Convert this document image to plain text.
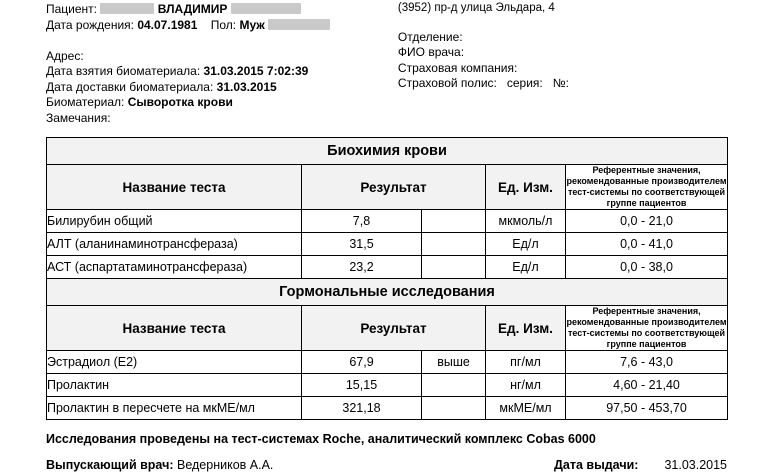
Пациент:	ВЛАДИМИР
Дата рождения: 04.07.1981 Пол: Муж
Адрес:
Дата взятия биоматериала: 31.03.2015 7:02:39
Дата доставки биоматериала: 31.03.2015
Биоматериал: Сыворотка крови
Замечания:
(3952) пр-д улица Эльдара, 4
Отделение:
ФИО врача:
Страховая компания:
Страховой полис: серия: №:
Биохимия крови				
Название теста	Результат		Ед. Изм.	Референтные значения, рекомендованные производителем тест-системы по соответствующей группе пациентов
Билирубин общий	7,8		мкмоль/л	0,0 - 21,0
АЛТ (аланинаминотрансфераза)	31,5		Ед/л	0,0 - 41,0
АСТ (аспартатаминотрансфераза)	23,2		Ед/л	0,0 - 38,0
Гормональные исследования				
Название теста	Результат		Ед. Изм.	Референтные значения, рекомендованные производителем тест-системы по соответствующей группе пациентов
Эстрадиол (Е2)	67,9	выше	пг/мл	7,6 - 43,0
Пролактин	15,15		нг/мл	4,60 - 21,40
Пролактин в пересчете на мкМЕ/мл	321,18		мкМЕ/мл	97,50 - 453,70
Исследования проведены на тест-системах Roche, аналитический комплекс Cobas 6000
Выпускающий врач: Ведерников А.А.	Дата выдачи: 31.03.2015
